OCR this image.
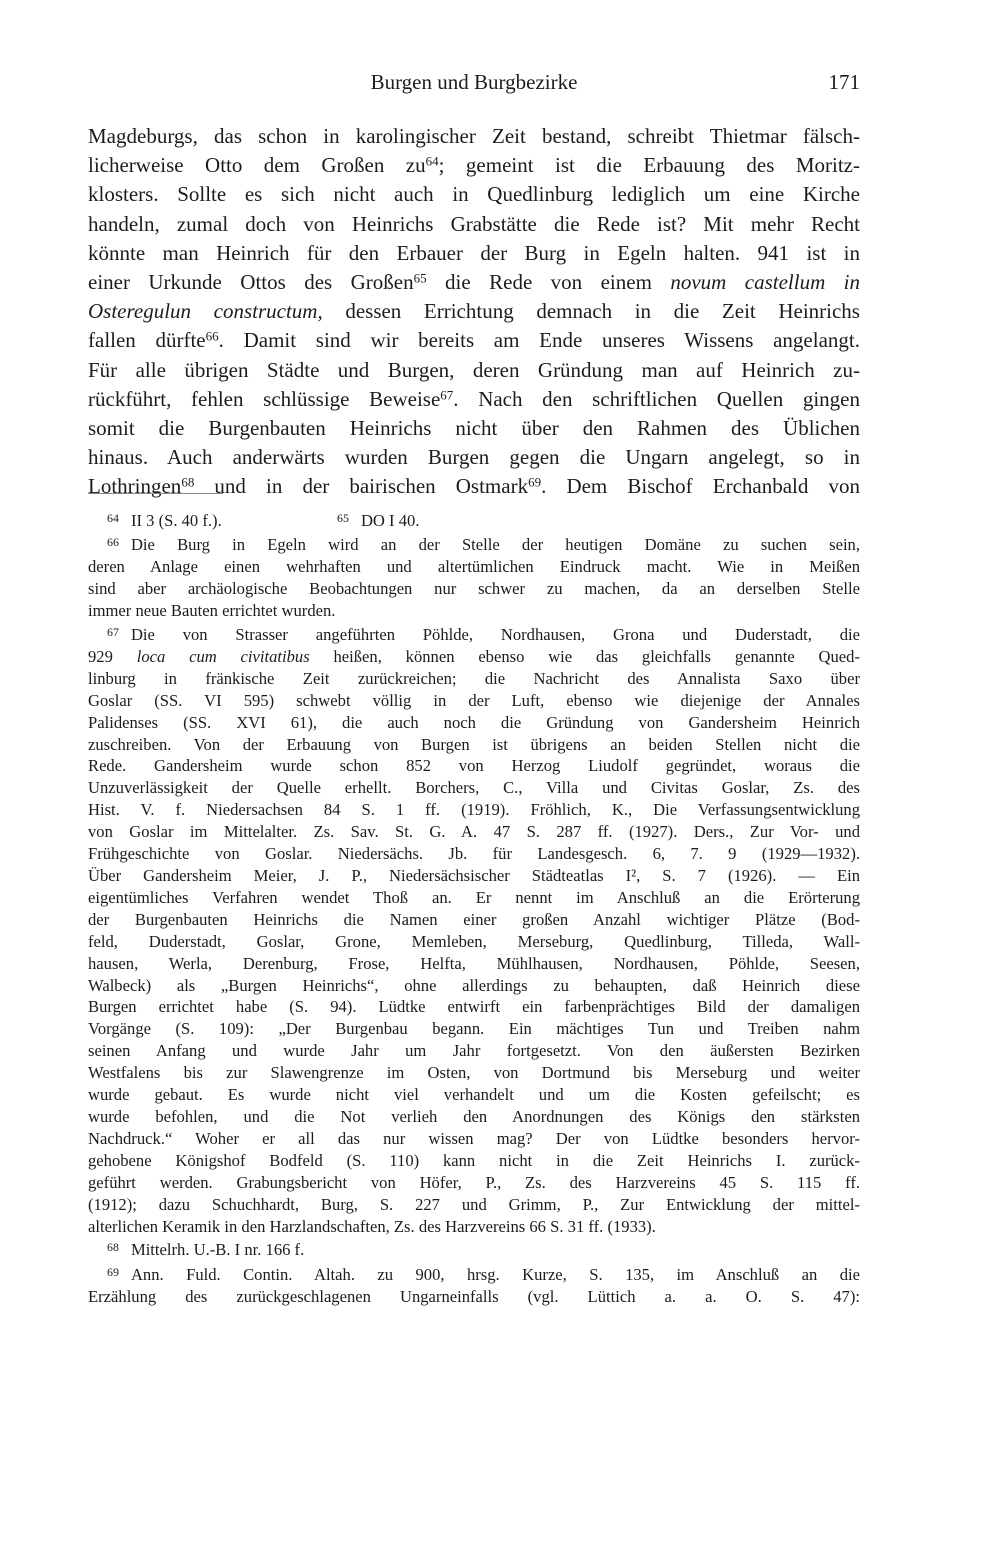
Burgen und Burgbezirke	171
Magdeburgs, das schon in karolingischer Zeit bestand, schreibt Thietmar fälsch-
licherweise Otto dem Großen $zu^{64}$; gemeint ist die Erbauung des Moritz-
klosters. Sollte es sich nicht auch in Quedlinburg lediglich um eine Kirche
handeln, zumal doch von Heinrichs Grabstätte die Rede ist? Mit mehr Recht
könnte man Heinrich für den Erbauer der Burg in Egeln halten. 941 ist in
einer Urkunde Ottos des Großen$^{65}$ die Rede von einem novum castellum in
Osteregulun constructum, dessen Errichtung demnach in die Zeit Heinrichs
fallen dürfte$^{66}$. Damit sind wir bereits am Ende unseres Wissens angelangt.
Für alle übrigen Städte und Burgen, deren Gründung man auf Heinrich zu-
rückführt, fehlen schlüssige Beweise$^{67}$. Nach den schriftlichen Quellen gingen
somit die Burgenbauten Heinrichs nicht über den Rahmen des Üblichen
hinaus. Auch anderwärts wurden Burgen gegen die Ungarn angelegt, so in
Lothringen$^{68}$ und in der bairischen Ostmark$^{69}$. Dem Bischof Erchanbald von
$^{64}$ II 3 (S. 40 f.).	$^{65}$ DO I 40.
$^{66}$ Die Burg in Egeln wird an der Stelle der heutigen Domäne zu suchen sein,
deren Anlage einen wehrhaften und altertümlichen Eindruck macht. Wie in Meißen
sind aber archäologische Beobachtungen nur schwer zu machen, da an derselben Stelle
immer neue Bauten errichtet wurden.
$^{67}$ Die von Strasser angeführten Pöhlde, Nordhausen, Grona und Duderstadt, die
929 loca cum civitatibus heißen, können ebenso wie das gleichfalls genannte Qued-
linburg in fränkische Zeit zurückreichen; die Nachricht des Annalista Saxo über
Goslar (SS. VI 595) schwebt völlig in der Luft, ebenso wie diejenige der Annales
Palidenses (SS. XVI 61), die auch noch die Gründung von Gandersheim Heinrich
zuschreiben. Von der Erbauung von Burgen ist übrigens an beiden Stellen nicht die
Rede. Gandersheim wurde schon 852 von Herzog Liudolf gegründet, woraus die
Unzuverlässigkeit der Quelle erhellt. Borchers, C., Villa und Civitas Goslar, Zs. des
Hist. V. f. Niedersachsen 84 S. 1 ff. (1919). Fröhlich, K., Die Verfassungsentwicklung
von Goslar im Mittelalter. Zs. Sav. St. G. A. 47 S. 287 ff. (1927). Ders., Zur Vor- und
Frühgeschichte von Goslar. Niedersächs. Jb. für Landesgesch. 6, 7. 9 (1929—1932).
Über Gandersheim Meier, J. P., Niedersächsischer Städteatlas I², S. 7 (1926). — Ein
eigentümliches Verfahren wendet Thoß an. Er nennt im Anschluß an die Erörterung
der Burgenbauten Heinrichs die Namen einer großen Anzahl wichtiger Plätze (Bod-
feld, Duderstadt, Goslar, Grone, Memleben, Merseburg, Quedlinburg, Tilleda, Wall-
hausen, Werla, Derenburg, Frose, Helfta, Mühlhausen, Nordhausen, Pöhlde, Seesen,
Walbeck) als „Burgen Heinrichs“, ohne allerdings zu behaupten, daß Heinrich diese
Burgen errichtet habe (S. 94). Lüdtke entwirft ein farbenprächtiges Bild der damaligen
Vorgänge (S. 109): „Der Burgenbau begann. Ein mächtiges Tun und Treiben nahm
seinen Anfang und wurde Jahr um Jahr fortgesetzt. Von den äußersten Bezirken
Westfalens bis zur Slawengrenze im Osten, von Dortmund bis Merseburg und weiter
wurde gebaut. Es wurde nicht viel verhandelt und um die Kosten gefeilscht; es
wurde befohlen, und die Not verlieh den Anordnungen des Königs den stärksten
Nachdruck.“ Woher er all das nur wissen mag? Der von Lüdtke besonders hervor-
gehobene Königshof Bodfeld (S. 110) kann nicht in die Zeit Heinrichs I. zurück-
geführt werden. Grabungsbericht von Höfer, P., Zs. des Harzvereins 45 S. 115 ff.
(1912); dazu Schuchhardt, Burg, S. 227 und Grimm, P., Zur Entwicklung der mittel-
alterlichen Keramik in den Harzlandschaften, Zs. des Harzvereins 66 S. 31 ff. (1933).
$^{68}$ Mittelrh. U.-B. I nr. 166 f.
$^{69}$ Ann. Fuld. Contin. Altah. zu 900, hrsg. Kurze, S. 135, im Anschluß an die
Erzählung des zurückgeschlagenen Ungarneinfalls (vgl. Lüttich a. a. O. S. 47):
